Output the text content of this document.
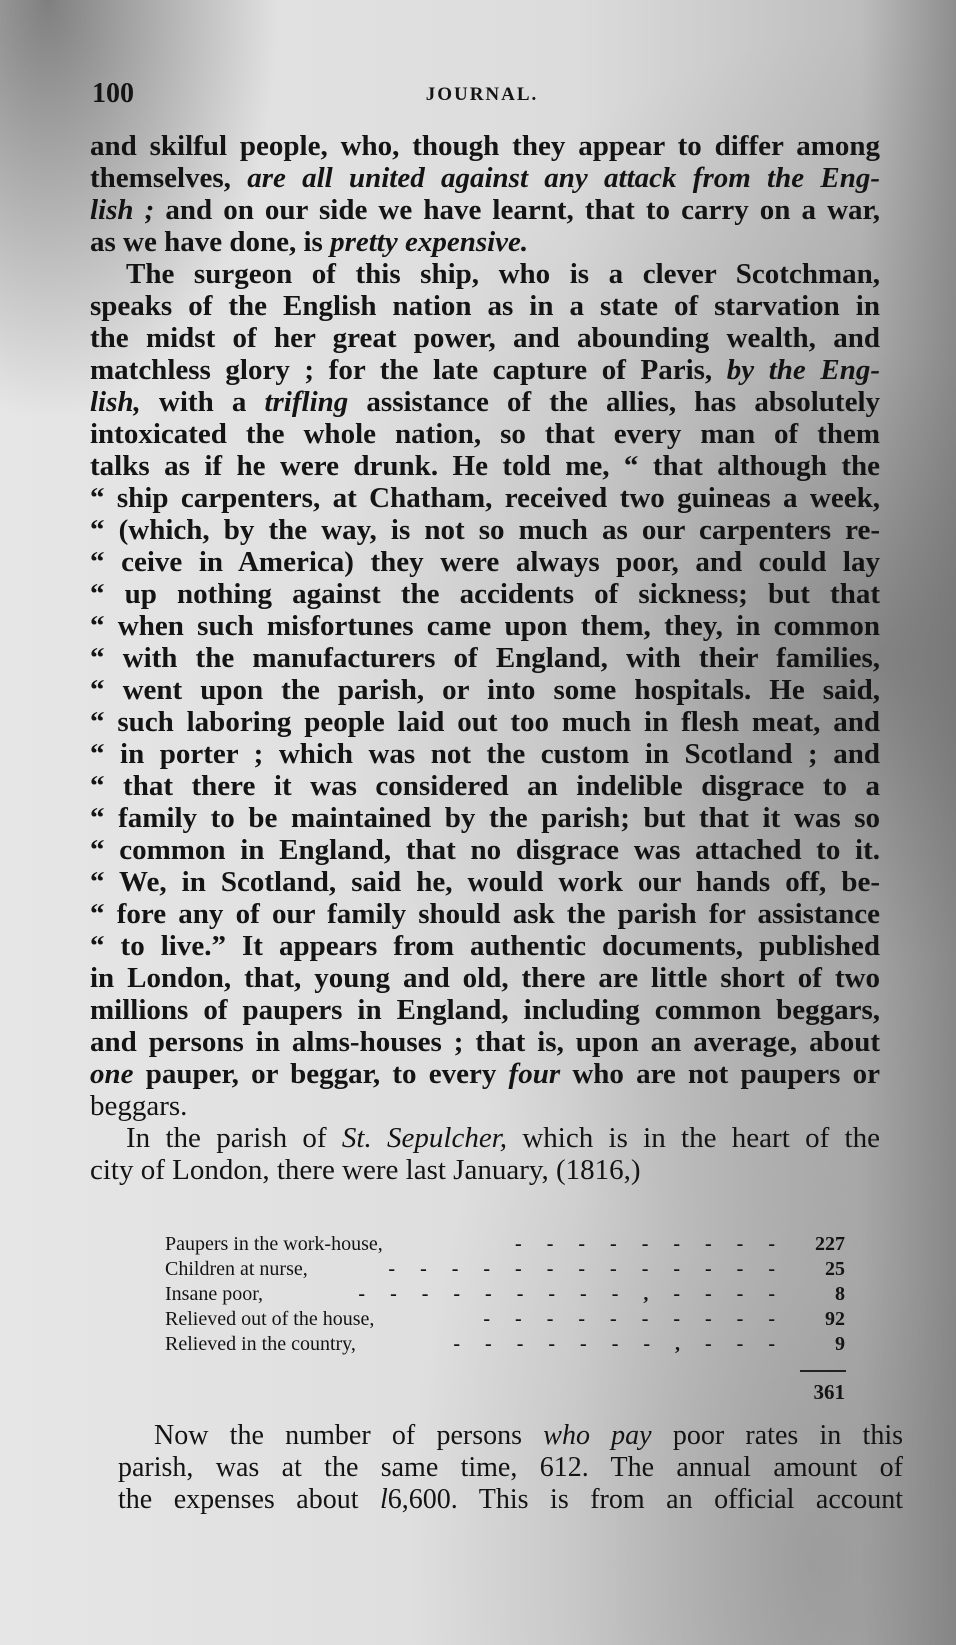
100	JOURNAL.
and skilful people, who, though they appear to differ among
themselves, are all united against any attack from the Eng-
lish ; and on our side we have learnt, that to carry on a war,
as we have done, is pretty expensive.
The surgeon of this ship, who is a clever Scotchman,
speaks of the English nation as in a state of starvation in
the midst of her great power, and abounding wealth, and
matchless glory ; for the late capture of Paris, by the Eng-
lish, with a trifling assistance of the allies, has absolutely
intoxicated the whole nation, so that every man of them
talks as if he were drunk. He told me, “ that although the
“ ship carpenters, at Chatham, received two guineas a week,
“ (which, by the way, is not so much as our carpenters re-
“ ceive in America) they were always poor, and could lay
“ up nothing against the accidents of sickness; but that
“ when such misfortunes came upon them, they, in common
“ with the manufacturers of England, with their families,
“ went upon the parish, or into some hospitals. He said,
“ such laboring people laid out too much in flesh meat, and
“ in porter ; which was not the custom in Scotland ; and
“ that there it was considered an indelible disgrace to a
“ family to be maintained by the parish; but that it was so
“ common in England, that no disgrace was attached to it.
“ We, in Scotland, said he, would work our hands off, be-
“ fore any of our family should ask the parish for assistance
“ to live.” It appears from authentic documents, published
in London, that, young and old, there are little short of two
millions of paupers in England, including common beggars,
and persons in alms-houses ; that is, upon an average, about
one pauper, or beggar, to every four who are not paupers or
beggars.
In the parish of St. Sepulcher, which is in the heart of the
city of London, there were last January, (1816,)
Paupers in the work-house,	- - - - - - - - -	227
Children at nurse,	- - - - - - - - - - - - -	25
Insane poor,	- - - - - - - - - , - - - -	8
Relieved out of the house,	- - - - - - - - - -	92
Relieved in the country,	- - - - - - - , - - -	9
361
Now the number of persons who pay poor rates in this
parish, was at the same time, 612. The annual amount of
the expenses about l6,600. This is from an official account
